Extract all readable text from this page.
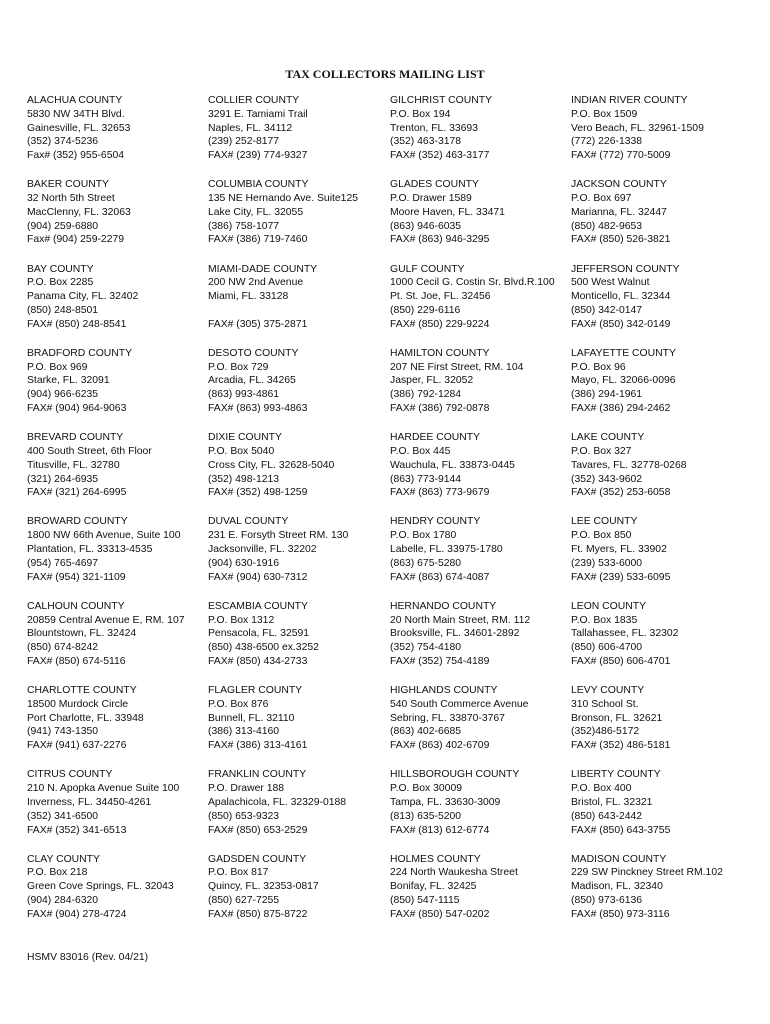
TAX COLLECTORS MAILING LIST
ALACHUA COUNTY
5830 NW 34TH Blvd.
Gainesville, FL. 32653
(352) 374-5236
Fax# (352) 955-6504
BAKER COUNTY
32 North 5th Street
MacClenny, FL. 32063
(904) 259-6880
Fax# (904) 259-2279
BAY COUNTY
P.O. Box 2285
Panama City, FL. 32402
(850) 248-8501
FAX# (850) 248-8541
BRADFORD COUNTY
P.O. Box 969
Starke, FL. 32091
(904) 966-6235
FAX# (904) 964-9063
BREVARD COUNTY
400 South Street, 6th Floor
Titusville, FL. 32780
(321) 264-6935
FAX# (321) 264-6995
BROWARD COUNTY
1800 NW 66th Avenue, Suite 100
Plantation, FL. 33313-4535
(954) 765-4697
FAX# (954) 321-1109
CALHOUN COUNTY
20859 Central Avenue E, RM. 107
Blountstown, FL. 32424
(850) 674-8242
FAX# (850) 674-5116
CHARLOTTE COUNTY
18500 Murdock Circle
Port Charlotte, FL. 33948
(941) 743-1350
FAX# (941) 637-2276
CITRUS COUNTY
210 N. Apopka Avenue Suite 100
Inverness, FL. 34450-4261
(352) 341-6500
FAX# (352) 341-6513
CLAY COUNTY
P.O. Box 218
Green Cove Springs, FL. 32043
(904) 284-6320
FAX# (904) 278-4724
COLLIER COUNTY
3291 E. Tamiami Trail
Naples, FL. 34112
(239) 252-8177
FAX# (239) 774-9327
COLUMBIA COUNTY
135 NE Hernando Ave. Suite125
Lake City, FL. 32055
(386) 758-1077
FAX# (386) 719-7460
MIAMI-DADE COUNTY
200 NW 2nd Avenue
Miami, FL. 33128
FAX# (305) 375-2871
DESOTO COUNTY
P.O. Box 729
Arcadia, FL. 34265
(863) 993-4861
FAX# (863) 993-4863
DIXIE COUNTY
P.O. Box 5040
Cross City, FL. 32628-5040
(352) 498-1213
FAX# (352) 498-1259
DUVAL COUNTY
231 E. Forsyth Street RM. 130
Jacksonville, FL. 32202
(904) 630-1916
FAX# (904) 630-7312
ESCAMBIA COUNTY
P.O. Box 1312
Pensacola, FL. 32591
(850) 438-6500 ex.3252
FAX# (850) 434-2733
FLAGLER COUNTY
P.O. Box 876
Bunnell, FL. 32110
(386) 313-4160
FAX# (386) 313-4161
FRANKLIN COUNTY
P.O. Drawer 188
Apalachicola, FL. 32329-0188
(850) 653-9323
FAX# (850) 653-2529
GADSDEN COUNTY
P.O. Box 817
Quincy, FL. 32353-0817
(850) 627-7255
FAX# (850) 875-8722
GILCHRIST COUNTY
P.O. Box 194
Trenton, FL. 33693
(352) 463-3178
FAX# (352) 463-3177
GLADES COUNTY
P.O. Drawer 1589
Moore Haven, FL. 33471
(863) 946-6035
FAX# (863) 946-3295
GULF COUNTY
1000 Cecil G. Costin Sr. Blvd.R.100
Pt. St. Joe, FL. 32456
(850) 229-6116
FAX# (850) 229-9224
HAMILTON COUNTY
207 NE First Street, RM. 104
Jasper, FL. 32052
(386) 792-1284
FAX# (386) 792-0878
HARDEE COUNTY
P.O. Box 445
Wauchula, FL. 33873-0445
(863) 773-9144
FAX# (863) 773-9679
HENDRY COUNTY
P.O. Box 1780
Labelle, FL. 33975-1780
(863) 675-5280
FAX# (863) 674-4087
HERNANDO COUNTY
20 North Main Street, RM. 112
Brooksville, FL. 34601-2892
(352) 754-4180
FAX# (352) 754-4189
HIGHLANDS COUNTY
540 South Commerce Avenue
Sebring, FL. 33870-3767
(863) 402-6685
FAX# (863) 402-6709
HILLSBOROUGH COUNTY
P.O. Box 30009
Tampa, FL. 33630-3009
(813) 635-5200
FAX# (813) 612-6774
HOLMES COUNTY
224 North Waukesha Street
Bonifay, FL. 32425
(850) 547-1115
FAX# (850) 547-0202
INDIAN RIVER COUNTY
P.O. Box 1509
Vero Beach, FL. 32961-1509
(772) 226-1338
FAX# (772) 770-5009
JACKSON COUNTY
P.O. Box 697
Marianna, FL. 32447
(850) 482-9653
FAX# (850) 526-3821
JEFFERSON COUNTY
500 West Walnut
Monticello, FL. 32344
(850) 342-0147
FAX# (850) 342-0149
LAFAYETTE COUNTY
P.O. Box 96
Mayo, FL. 32066-0096
(386) 294-1961
FAX# (386) 294-2462
LAKE COUNTY
P.O. Box 327
Tavares, FL. 32778-0268
(352) 343-9602
FAX# (352) 253-6058
LEE COUNTY
P.O. Box 850
Ft. Myers, FL. 33902
(239) 533-6000
FAX# (239) 533-6095
LEON COUNTY
P.O. Box 1835
Tallahassee, FL. 32302
(850) 606-4700
FAX# (850) 606-4701
LEVY COUNTY
310 School St.
Bronson, FL. 32621
(352)486-5172
FAX# (352) 486-5181
LIBERTY COUNTY
P.O. Box 400
Bristol, FL. 32321
(850) 643-2442
FAX# (850) 643-3755
MADISON COUNTY
229 SW Pinckney Street RM.102
Madison, FL. 32340
(850) 973-6136
FAX# (850) 973-3116
HSMV 83016 (Rev. 04/21)
